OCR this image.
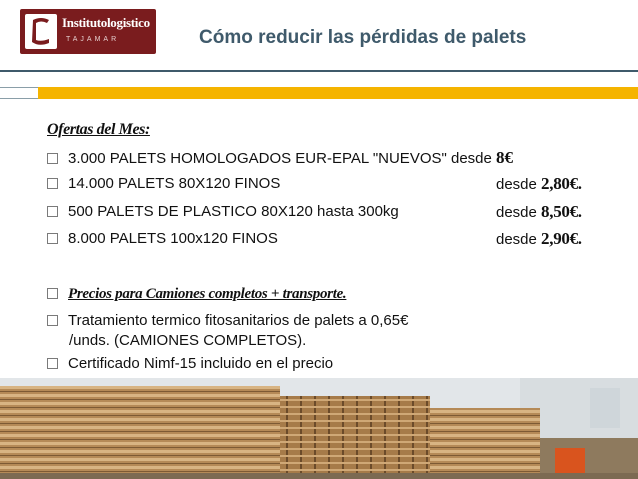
Institutologistico
TAJAMAR	Cómo reducir las pérdidas de palets
Ofertas del Mes:
3.000 PALETS HOMOLOGADOS EUR-EPAL "NUEVOS" desde 8€
14.000 PALETS 80X120 FINOS	desde 2,80€.
500 PALETS DE PLASTICO 80X120 hasta 300kg	desde 8,50€.
8.000 PALETS 100x120 FINOS	desde 2,90€.
Precios para Camiones completos + transporte.
Tratamiento termico fitosanitarios de palets a 0,65€
/unds. (CAMIONES COMPLETOS).
Certificado Nimf-15 incluido en el precio
